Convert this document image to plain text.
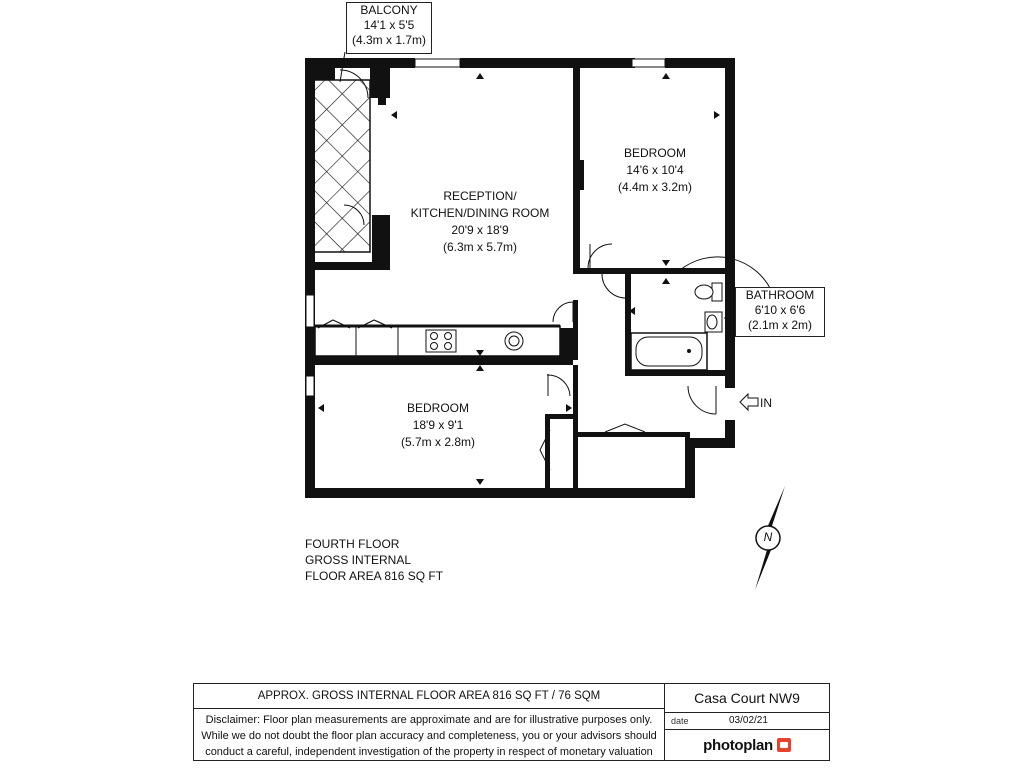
BALCONY
14'1 x 5'5
(4.3m x 1.7m)
RECEPTION/
KITCHEN/DINING ROOM
20'9 x 18'9
(6.3m x 5.7m)
BEDROOM
14'6 x 10'4
(4.4m x 3.2m)
BATHROOM
6'10 x 6'6
(2.1m x 2m)
BEDROOM
18'9 x 9'1
(5.7m x 2.8m)
IN
N
FOURTH FLOOR
GROSS INTERNAL
FLOOR AREA 816 SQ FT
APPROX. GROSS INTERNAL FLOOR AREA 816 SQ FT / 76 SQM
Disclaimer: Floor plan measurements are approximate and are for illustrative purposes only.
While we do not doubt the floor plan accuracy and completeness, you or your advisors should
conduct a careful, independent investigation of the property in respect of monetary valuation
Casa Court NW9
date	03/02/21
photoplan
